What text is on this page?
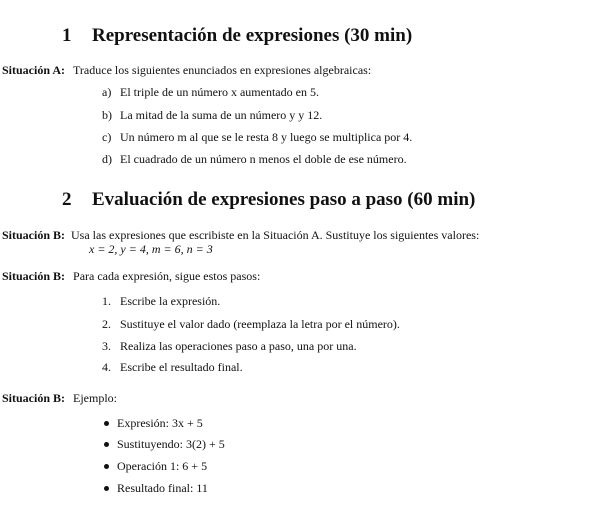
1 Representación de expresiones (30 min)
Situación A: Traduce los siguientes enunciados en expresiones algebraicas:
a) El triple de un número x aumentado en 5.
b) La mitad de la suma de un número y y 12.
c) Un número m al que se le resta 8 y luego se multiplica por 4.
d) El cuadrado de un número n menos el doble de ese número.
2 Evaluación de expresiones paso a paso (60 min)
Situación B: Usa las expresiones que escribiste en la Situación A. Sustituye los siguientes valores:
x = 2, y = 4, m = 6, n = 3
Situación B: Para cada expresión, sigue estos pasos:
1. Escribe la expresión.
2. Sustituye el valor dado (reemplaza la letra por el número).
3. Realiza las operaciones paso a paso, una por una.
4. Escribe el resultado final.
Situación B: Ejemplo:
Expresión: 3x + 5
Sustituyendo: 3(2) + 5
Operación 1: 6 + 5
Resultado final: 11
